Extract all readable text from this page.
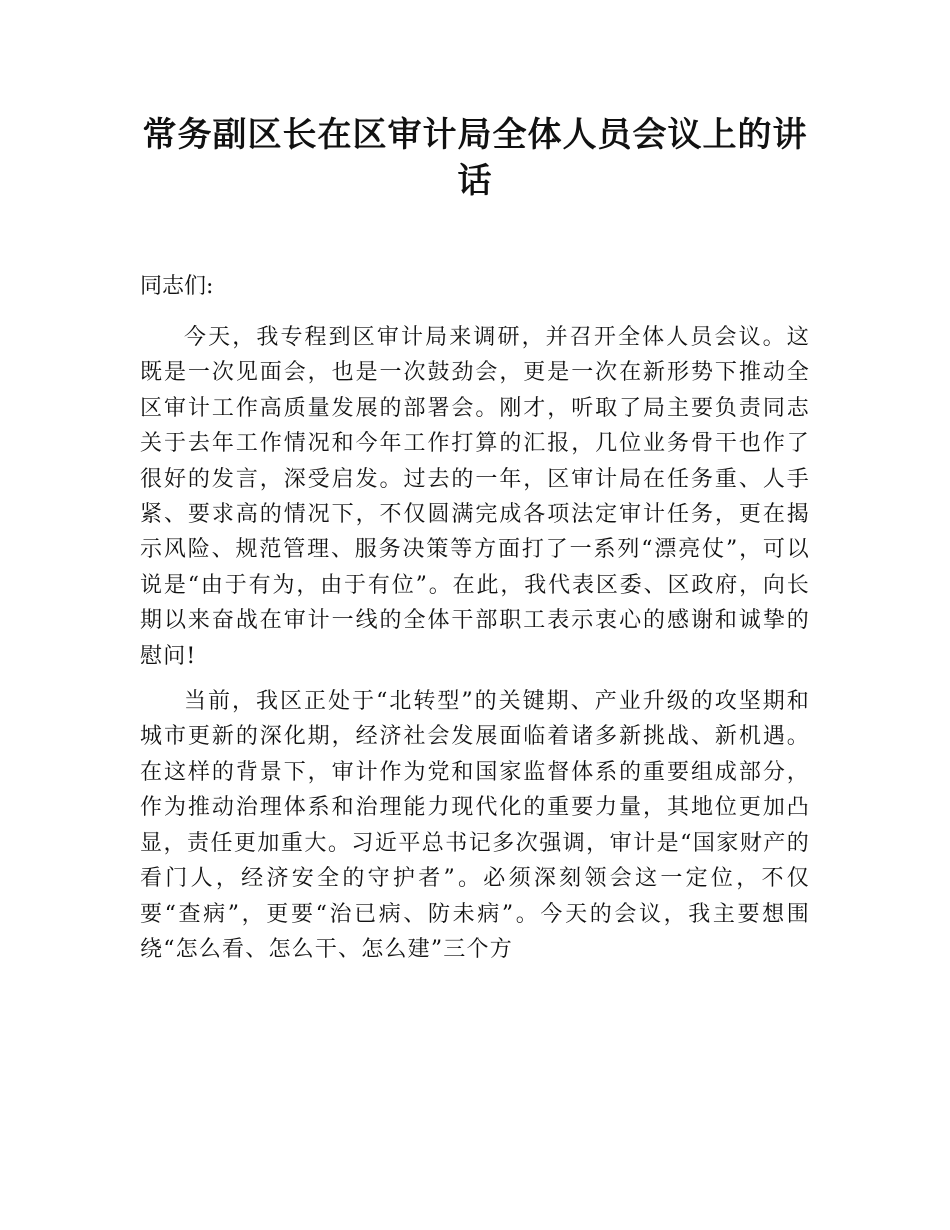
常务副区长在区审计局全体人员会议上的讲话

同志们:

今天，我专程到区审计局来调研，并召开全体人员会议。这既是一次见面会，也是一次鼓劲会，更是一次在新形势下推动全区审计工作高质量发展的部署会。刚才，听取了局主要负责同志关于去年工作情况和今年工作打算的汇报，几位业务骨干也作了很好的发言，深受启发。过去的一年，区审计局在任务重、人手紧、要求高的情况下，不仅圆满完成各项法定审计任务，更在揭示风险、规范管理、服务决策等方面打了一系列“漂亮仗”，可以说是“由于有为，由于有位”。在此，我代表区委、区政府，向长期以来奋战在审计一线的全体干部职工表示衷心的感谢和诚挚的慰问!

当前，我区正处于“北转型”的关键期、产业升级的攻坚期和城市更新的深化期，经济社会发展面临着诸多新挑战、新机遇。在这样的背景下，审计作为党和国家监督体系的重要组成部分，作为推动治理体系和治理能力现代化的重要力量，其地位更加凸显，责任更加重大。习近平总书记多次强调，审计是“国家财产的看门人，经济安全的守护者”。必须深刻领会这一定位，不仅要“查病”，更要“治已病、防未病”。今天的会议，我主要想围绕“怎么看、怎么干、怎么建”三个方
